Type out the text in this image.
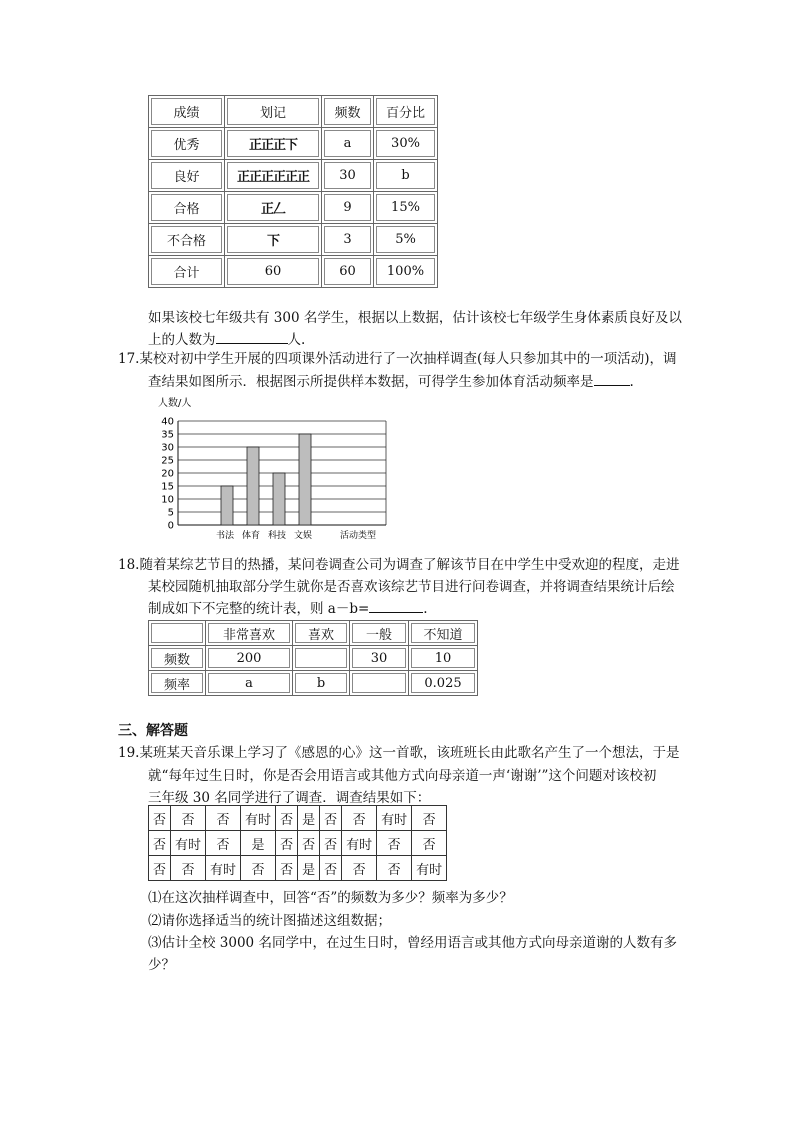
成绩	划记	频数	百分比
优秀	正正正下	a	30%
良好	正正正正正正	30	b
合格	正𠃋	9	15%
不合格	下	3	5%
合计	60	60	100%
如果该校七年级共有 300 名学生，根据以上数据，估计该校七年级学生身体素质良好及以
上的人数为	人.
17.某校对初中学生开展的四项课外活动进行了一次抽样调查(每人只参加其中的一项活动)，调
查结果如图所示．根据图示所提供样本数据，可得学生参加体育活动频率是	.
0
5
10
15
20
25
30
35
40
书法 体育 科技 文娱
人数/人
活动类型
18.随着某综艺节目的热播，某问卷调查公司为调查了解该节目在中学生中受欢迎的程度，走进
某校园随机抽取部分学生就你是否喜欢该综艺节目进行问卷调查，并将调查结果统计后绘
制成如下不完整的统计表，则 a－b=	.
	非常喜欢	喜欢	一般	不知道
频数	200		30	10
频率	a	b		0.025
三、解答题
19.某班某天音乐课上学习了《感恩的心》这一首歌，该班班长由此歌名产生了一个想法，于是
就“每年过生日时，你是否会用语言或其他方式向母亲道一声‘谢谢’”这个问题对该校初
三年级 30 名同学进行了调查．调查结果如下：
否	否	否	有时	否	是	否	否	有时	否
否	有时	否	是	否	否	否	有时	否	否
否	否	有时	否	否	是	否	否	否	有时
⑴在这次抽样调查中，回答“否”的频数为多少？频率为多少？
⑵请你选择适当的统计图描述这组数据；
⑶估计全校 3000 名同学中，在过生日时，曾经用语言或其他方式向母亲道谢的人数有多
少？
